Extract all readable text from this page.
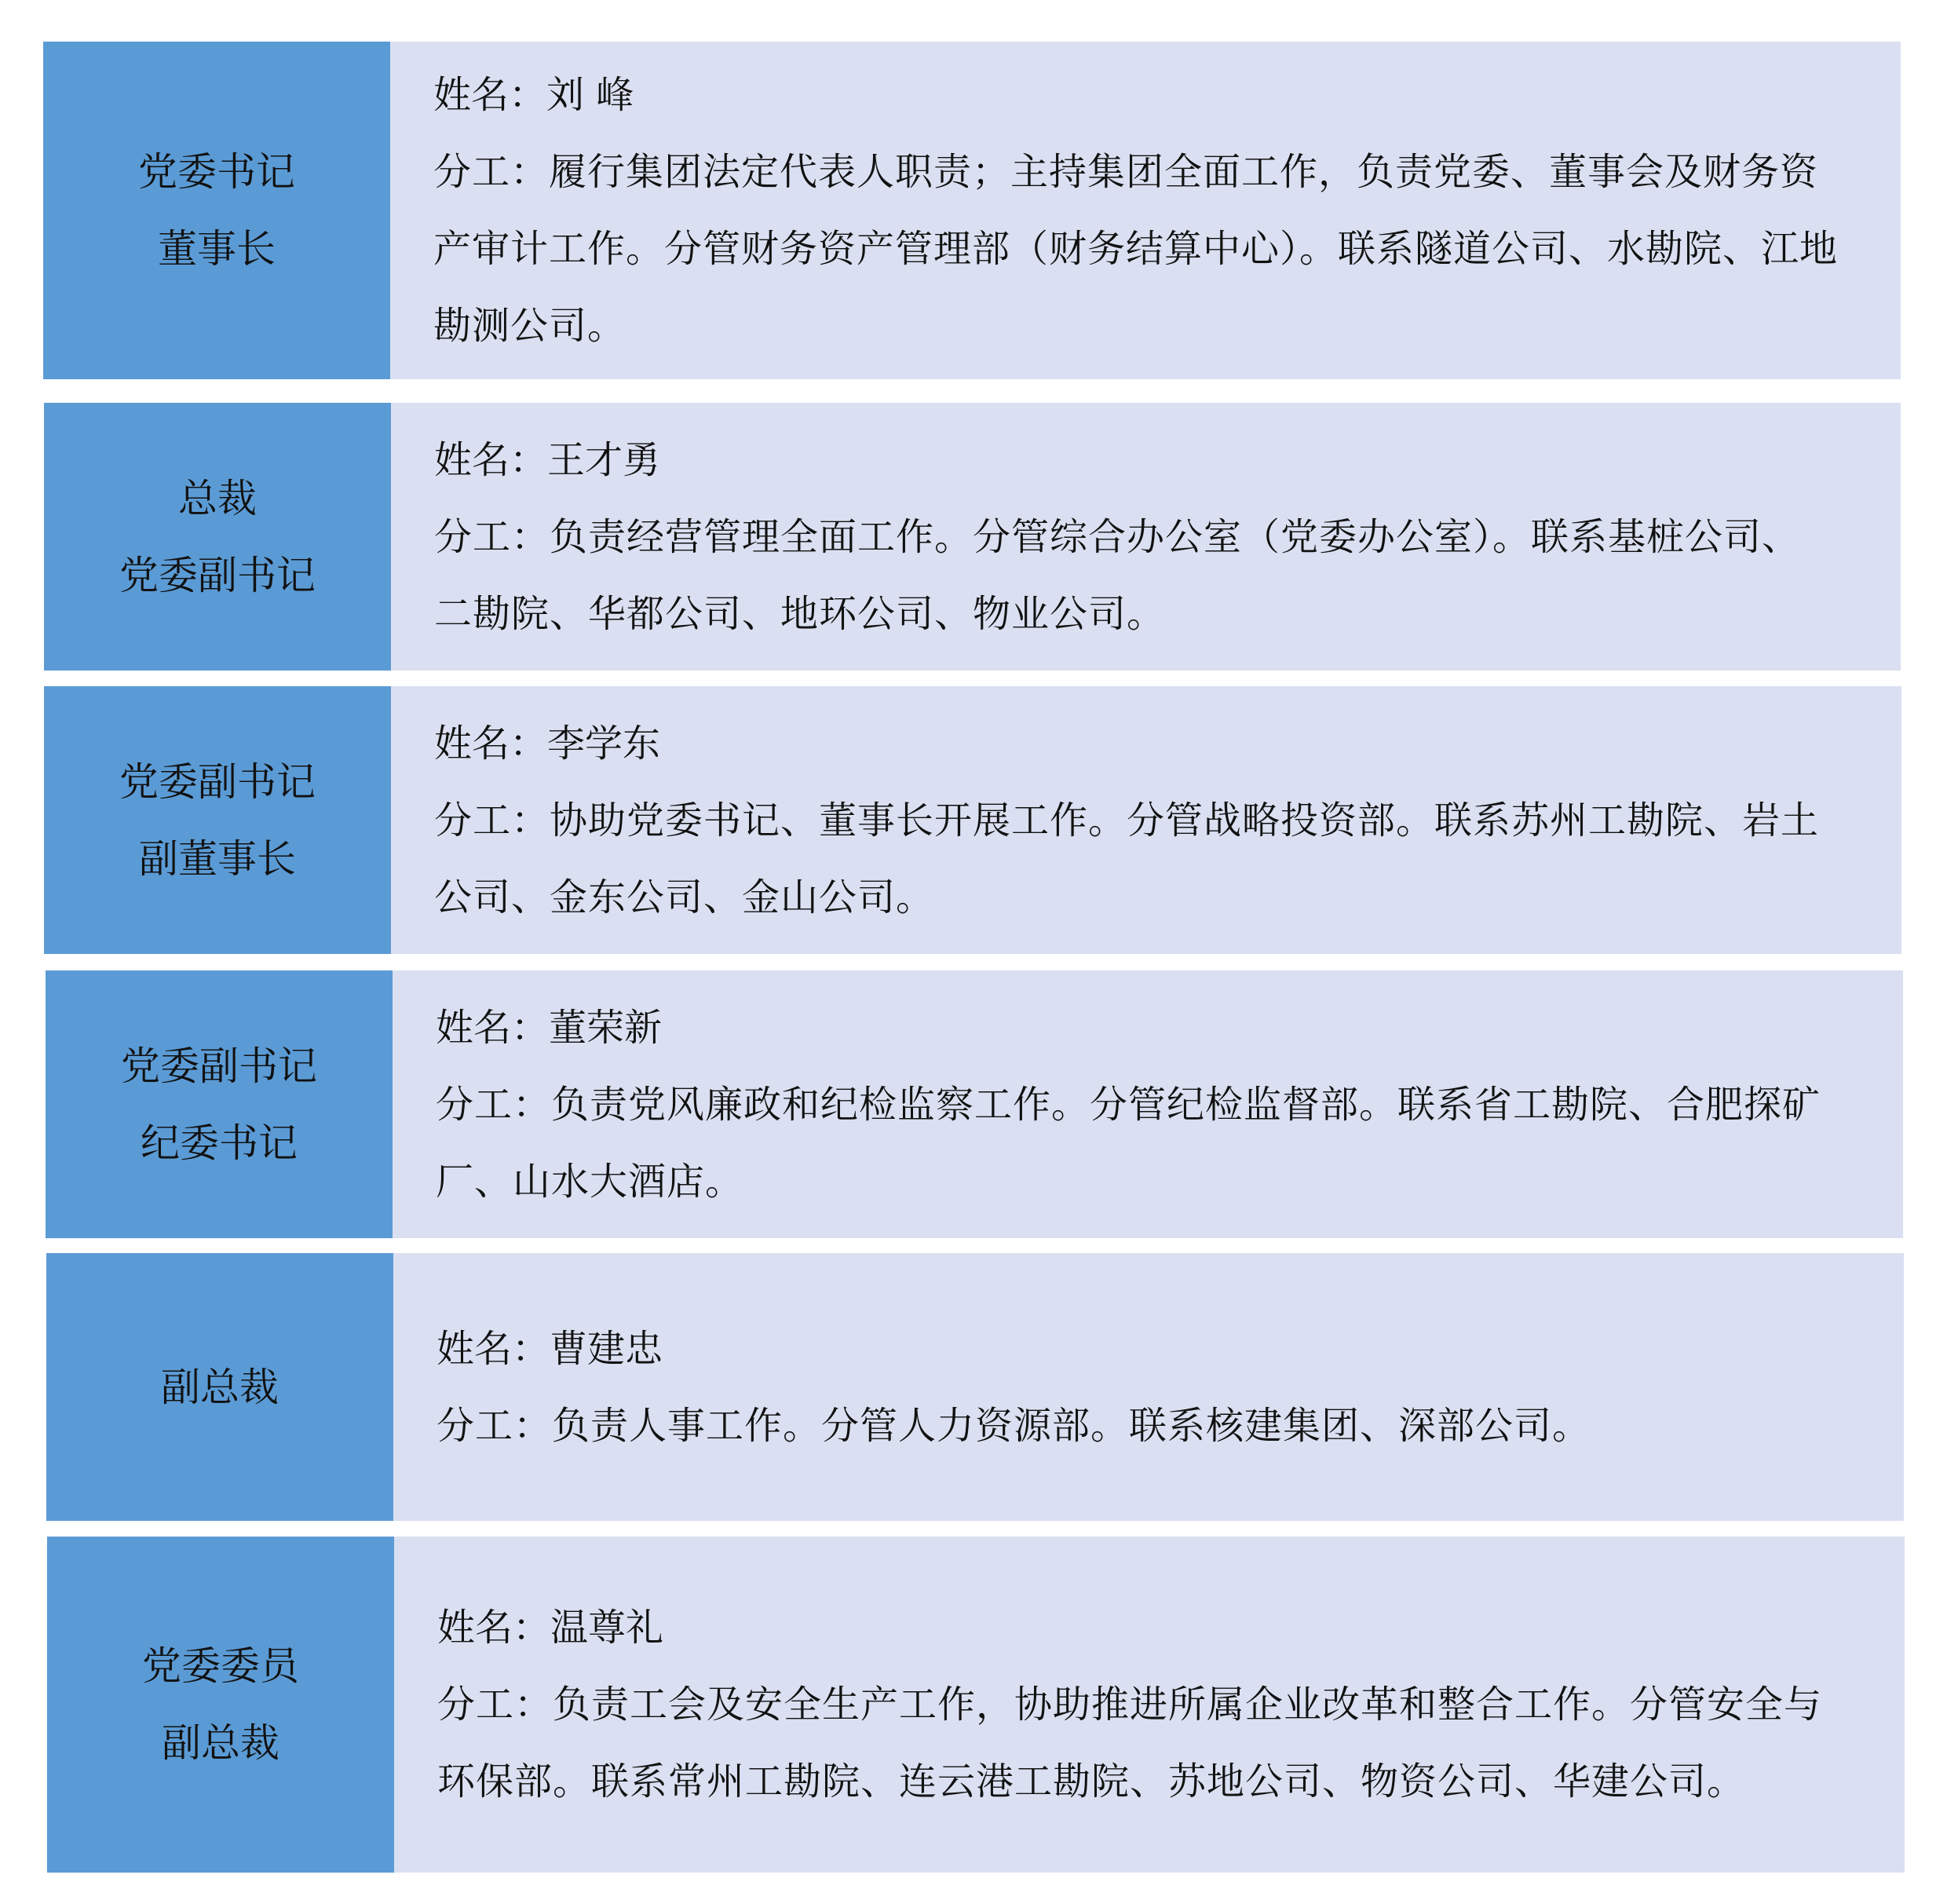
党委书记
董事长

姓名：刘 峰

分工：履行集团法定代表人职责；主持集团全面工作，负责党委、董事会及财务资产审计工作。分管财务资产管理部（财务结算中心）。联系隧道公司、水勘院、江地勘测公司。

总裁
党委副书记

姓名：王才勇

分工：负责经营管理全面工作。分管综合办公室（党委办公室）。联系基桩公司、二勘院、华都公司、地环公司、物业公司。

党委副书记
副董事长

姓名：李学东

分工：协助党委书记、董事长开展工作。分管战略投资部。联系苏州工勘院、岩土公司、金东公司、金山公司。

党委副书记
纪委书记

姓名：董荣新

分工：负责党风廉政和纪检监察工作。分管纪检监督部。联系省工勘院、合肥探矿厂、山水大酒店。

副总裁

姓名：曹建忠

分工：负责人事工作。分管人力资源部。联系核建集团、深部公司。

党委委员
副总裁

姓名：温尊礼

分工：负责工会及安全生产工作，协助推进所属企业改革和整合工作。分管安全与环保部。联系常州工勘院、连云港工勘院、苏地公司、物资公司、华建公司。
